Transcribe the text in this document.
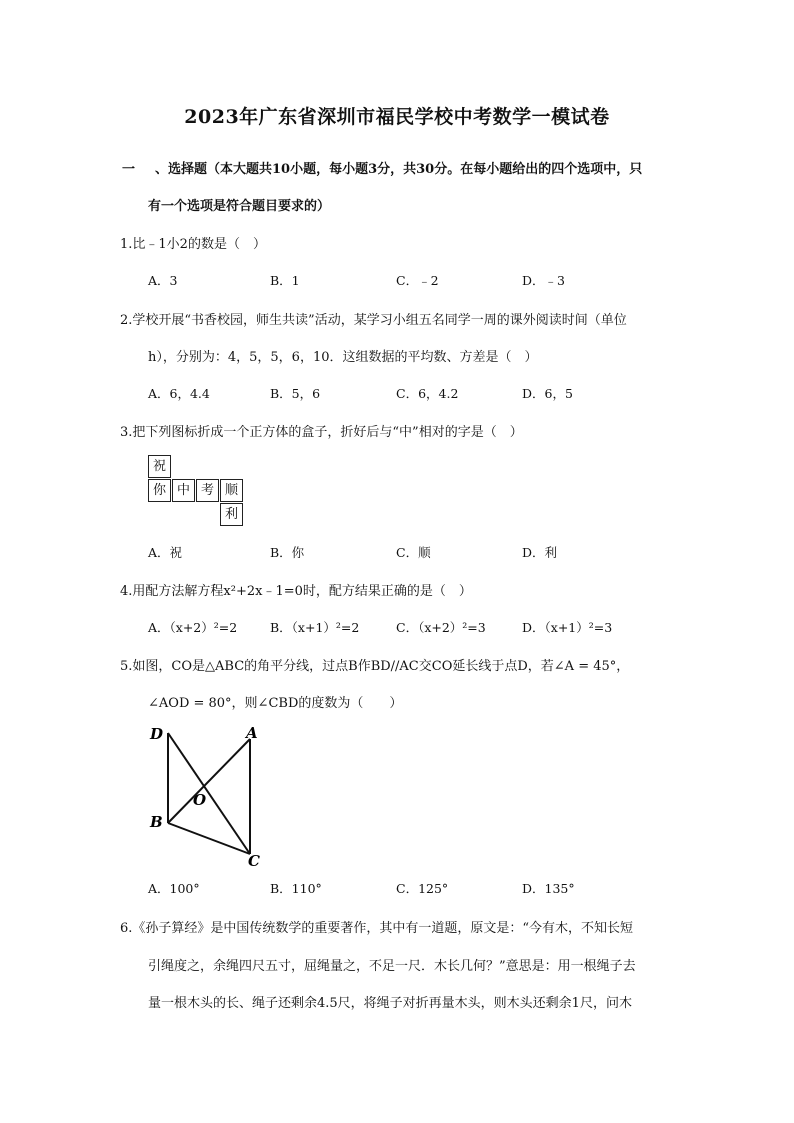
2023年广东省深圳市福民学校中考数学一模试卷
一 、选择题（本大题共10小题，每小题3分，共30分。在每小题给出的四个选项中，只
有一个选项是符合题目要求的）
1.比﹣1小2的数是（　）
A．3	B．1	C．﹣2	D．﹣3
2.学校开展“书香校园，师生共读”活动，某学习小组五名同学一周的课外阅读时间（单位
h），分别为：4，5，5，6，10．这组数据的平均数、方差是（　）
A．6，4.4	B．5，6	C．6，4.2	D．6，5
3.把下列图标折成一个正方体的盒子，折好后与“中”相对的字是（　）
祝
你 中 考 顺
利
A．祝	B．你	C．顺	D．利
4.用配方法解方程x²+2x﹣1=0时，配方结果正确的是（　）
A．（x+2）²=2	B．（x+1）²=2	C．（x+2）²=3	D．（x+1）²=3
5.如图，CO是△ABC的角平分线，过点B作BD//AC交CO延长线于点D，若∠A = 45°，
∠AOD = 80°，则∠CBD的度数为（　　）
D	A
O
B
C
A．100°	B．110°	C．125°	D．135°
6.《孙子算经》是中国传统数学的重要著作，其中有一道题，原文是：“今有木，不知长短
引绳度之，余绳四尺五寸，屈绳量之，不足一尺．木长几何？”意思是：用一根绳子去
量一根木头的长、绳子还剩余4.5尺，将绳子对折再量木头，则木头还剩余1尺，问木
